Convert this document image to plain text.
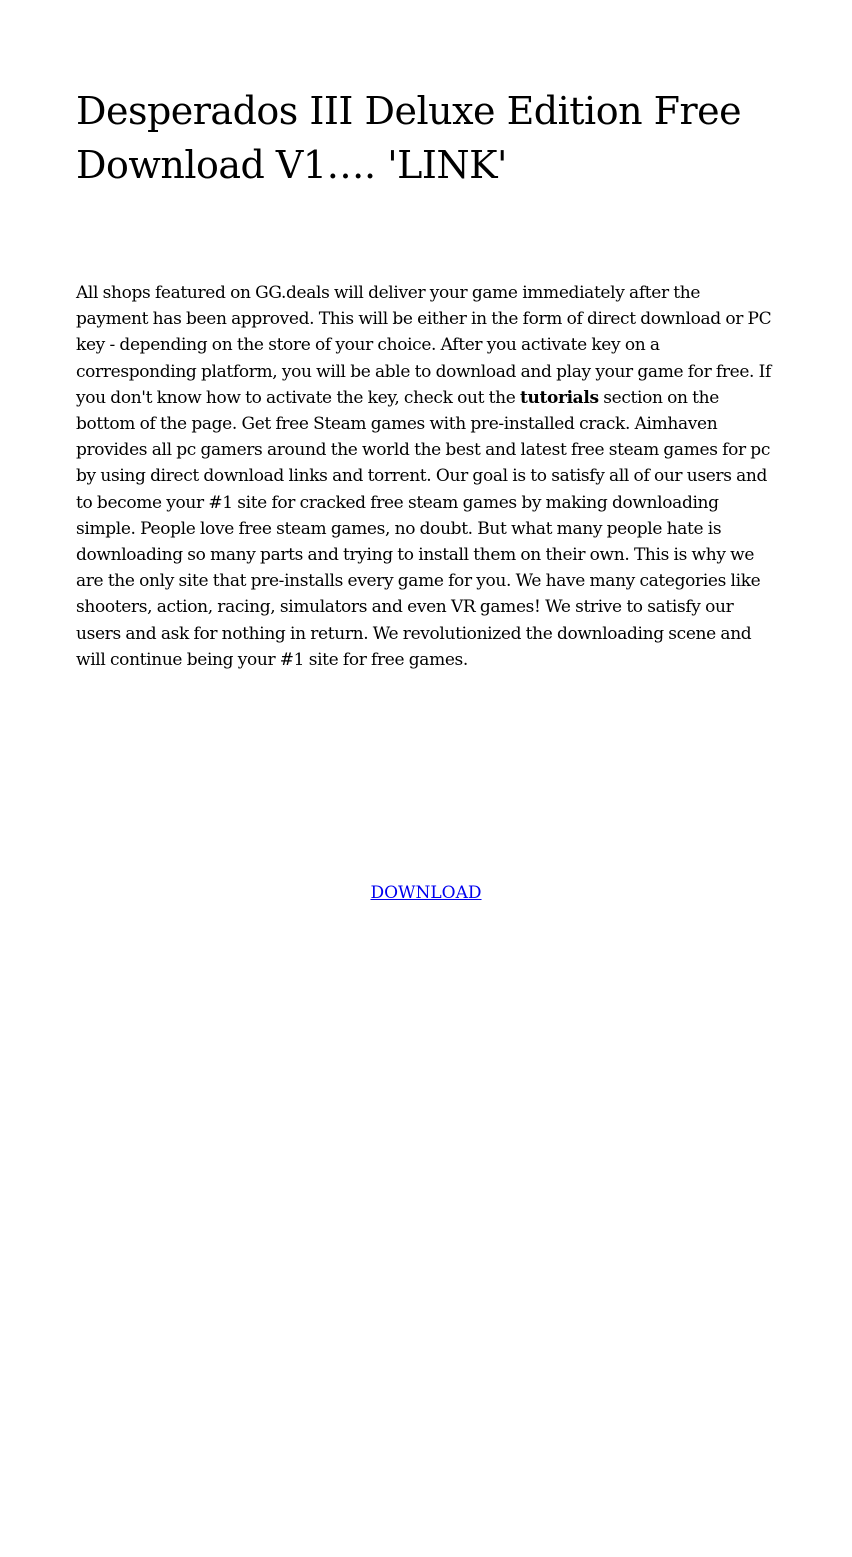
Desperados III Deluxe Edition Free Download V1…. 'LINK'

All shops featured on GG.deals will deliver your game immediately after the payment has been approved. This will be either in the form of direct download or PC key - depending on the store of your choice. After you activate key on a corresponding platform, you will be able to download and play your game for free. If you don't know how to activate the key, check out the tutorials section on the bottom of the page. Get free Steam games with pre-installed crack. Aimhaven provides all pc gamers around the world the best and latest free steam games for pc by using direct download links and torrent. Our goal is to satisfy all of our users and to become your #1 site for cracked free steam games by making downloading simple. People love free steam games, no doubt. But what many people hate is downloading so many parts and trying to install them on their own. This is why we are the only site that pre-installs every game for you. We have many categories like shooters, action, racing, simulators and even VR games! We strive to satisfy our users and ask for nothing in return. We revolutionized the downloading scene and will continue being your #1 site for free games.

DOWNLOAD
